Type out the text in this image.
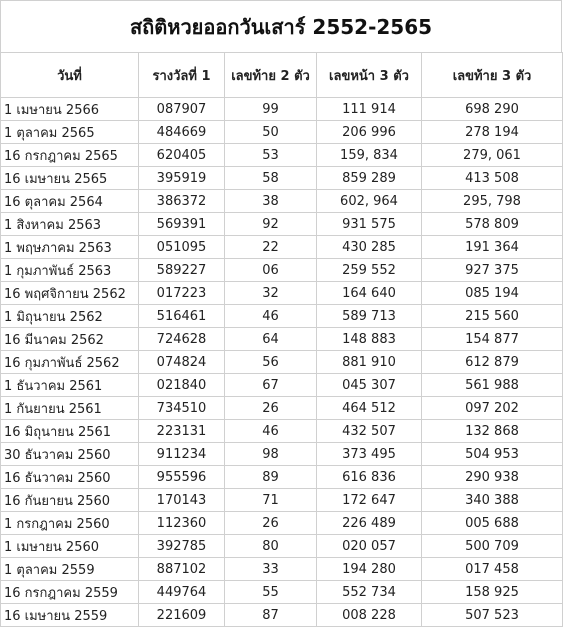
สถิติหวยออกวันเสาร์ 2552-2565
วันที่	รางวัลที่ 1	เลขท้าย 2 ตัว	เลขหน้า 3 ตัว	เลขท้าย 3 ตัว
1 เมษายน 2566	087907	99	111 914	698 290
1 ตุลาคม 2565	484669	50	206 996	278 194
16 กรกฎาคม 2565	620405	53	159, 834	279, 061
16 เมษายน 2565	395919	58	859 289	413 508
16 ตุลาคม 2564	386372	38	602, 964	295, 798
1 สิงหาคม 2563	569391	92	931 575	578 809
1 พฤษภาคม 2563	051095	22	430 285	191 364
1 กุมภาพันธ์ 2563	589227	06	259 552	927 375
16 พฤศจิกายน 2562	017223	32	164 640	085 194
1 มิถุนายน 2562	516461	46	589 713	215 560
16 มีนาคม 2562	724628	64	148 883	154 877
16 กุมภาพันธ์ 2562	074824	56	881 910	612 879
1 ธันวาคม 2561	021840	67	045 307	561 988
1 กันยายน 2561	734510	26	464 512	097 202
16 มิถุนายน 2561	223131	46	432 507	132 868
30 ธันวาคม 2560	911234	98	373 495	504 953
16 ธันวาคม 2560	955596	89	616 836	290 938
16 กันยายน 2560	170143	71	172 647	340 388
1 กรกฎาคม 2560	112360	26	226 489	005 688
1 เมษายน 2560	392785	80	020 057	500 709
1 ตุลาคม 2559	887102	33	194 280	017 458
16 กรกฎาคม 2559	449764	55	552 734	158 925
16 เมษายน 2559	221609	87	008 228	507 523
